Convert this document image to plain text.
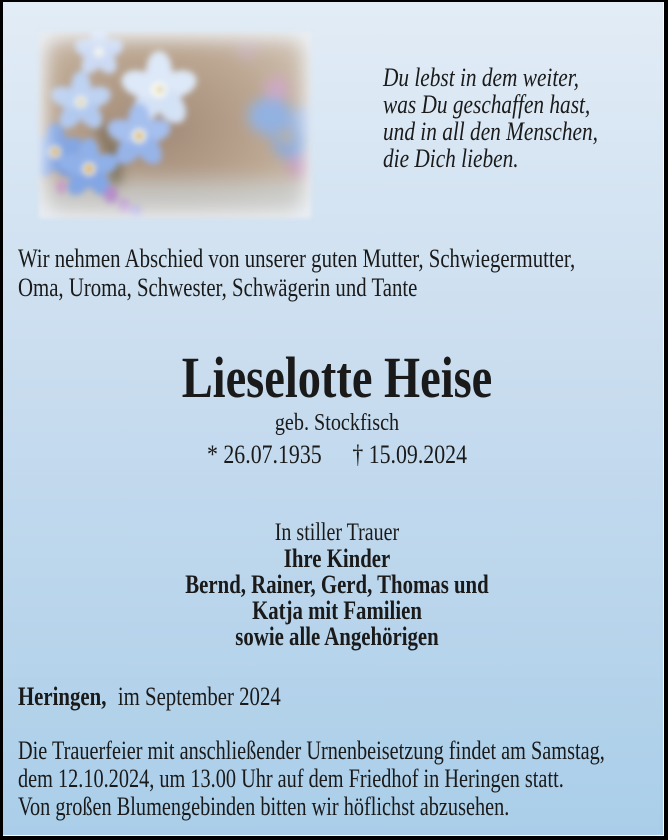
Du lebst in dem weiter,
was Du geschaffen hast,
und in all den Menschen,
die Dich lieben.
Wir nehmen Abschied von unserer guten Mutter, Schwiegermutter,
Oma, Uroma, Schwester, Schwägerin und Tante
Lieselotte Heise
geb. Stockfisch
* 26.07.1935 † 15.09.2024
In stiller Trauer
Ihre Kinder
Bernd, Rainer, Gerd, Thomas und
Katja mit Familien
sowie alle Angehörigen
Heringen, im September 2024
Die Trauerfeier mit anschließender Urnenbeisetzung findet am Samstag,
dem 12.10.2024, um 13.00 Uhr auf dem Friedhof in Heringen statt.
Von großen Blumengebinden bitten wir höflichst abzusehen.
